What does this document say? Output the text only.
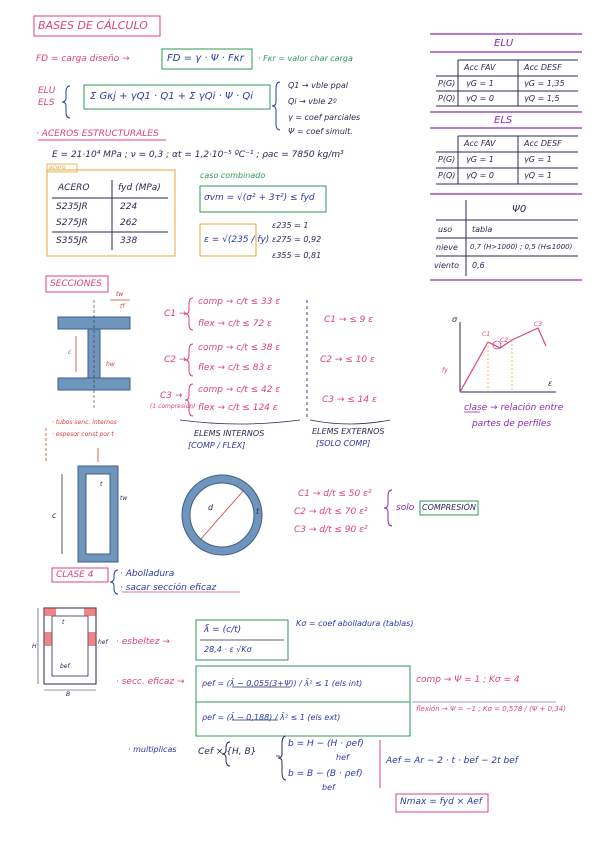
BASES DE CÁLCULO
FD = carga diseño →	FD = γ · Ψ · Fκr · Fκr = valor char carga
ELU
ELS
Σ Gκj + γQ1 · Q1 + Σ γQi · Ψ · Qi
Q1 → vble ppal
Qi → vble 2º
γ = coef parciales
Ψ = coef simult.
· ACEROS ESTRUCTURALES
E = 21·10⁴ MPa ; ν = 0,3 ; αt = 1,2·10⁻⁵ ºC⁻¹ ; ρac = 7850 kg/m³
acero
ACERO	fyd (MPa)
S235JR	224
S275JR	262
S355JR	338
caso combinado
σvm = √(σ² + 3τ²) ≤ fyd
ε = √(235 / fy)
ε235 = 1
ε275 = 0,92
ε355 = 0,81
ELU
Acc FAV	Acc DESF
P(G) γG = 1	γG = 1,35
P(Q) γQ = 0	γQ = 1,5
ELS
Acc FAV	Acc DESF
P(G) γG = 1	γG = 1
P(Q) γQ = 0	γQ = 1
Ψ0
uso tabla
nieve 0,7 (H>1000) ; 0,5 (H≤1000)
viento 0,6
SECCIONES
tw
tf
c
hw
C1 →
comp → c/t ≤ 33 ε
flex → c/t ≤ 72 ε
C2 →
comp → c/t ≤ 38 ε
flex → c/t ≤ 83 ε
C3 →
(1 compresión)
comp → c/t ≤ 42 ε
flex → c/t ≤ 124 ε
C1 → ≤ 9 ε
C2 → ≤ 10 ε
C3 → ≤ 14 ε
ELEMS INTERNOS
[COMP / FLEX]
ELEMS EXTERNOS
[SOLO COMP]
σ
ε
fy
C1
C2
C3
clase → relación entre
partes de perfiles
· tubos senc. internos
· espesor const por t
t
tw
c
d	t
C1 → d/t ≤ 50 ε²
C2 → d/t ≤ 70 ε²
C3 → d/t ≤ 90 ε²
solo COMPRESIÓN
CLASE 4	· Abolladura
· sacar sección eficaz
· esbeltez →
λ̄ = (c/t)
28,4 · ε √Kσ
Kσ = coef abolladura (tablas)
· secc. eficaz → ρef = (λ̄ − 0,055(3+Ψ)) / λ̄² ≤ 1 (els int)
ρef = (λ̄ − 0,188) / λ̄² ≤ 1 (els ext)
comp → Ψ = 1 ; Kσ = 4
flexión → Ψ = −1 ; Kσ = 0,578 / (Ψ + 0,34)
· multiplicas Cef × {H, B}
b = H − (H · ρef)
hef
b = B − (B · ρef)
bef
Aef = Ar − 2 · t · bef − 2t bef
Nmax = fyd × Aef
t
H
bef
hef
B
